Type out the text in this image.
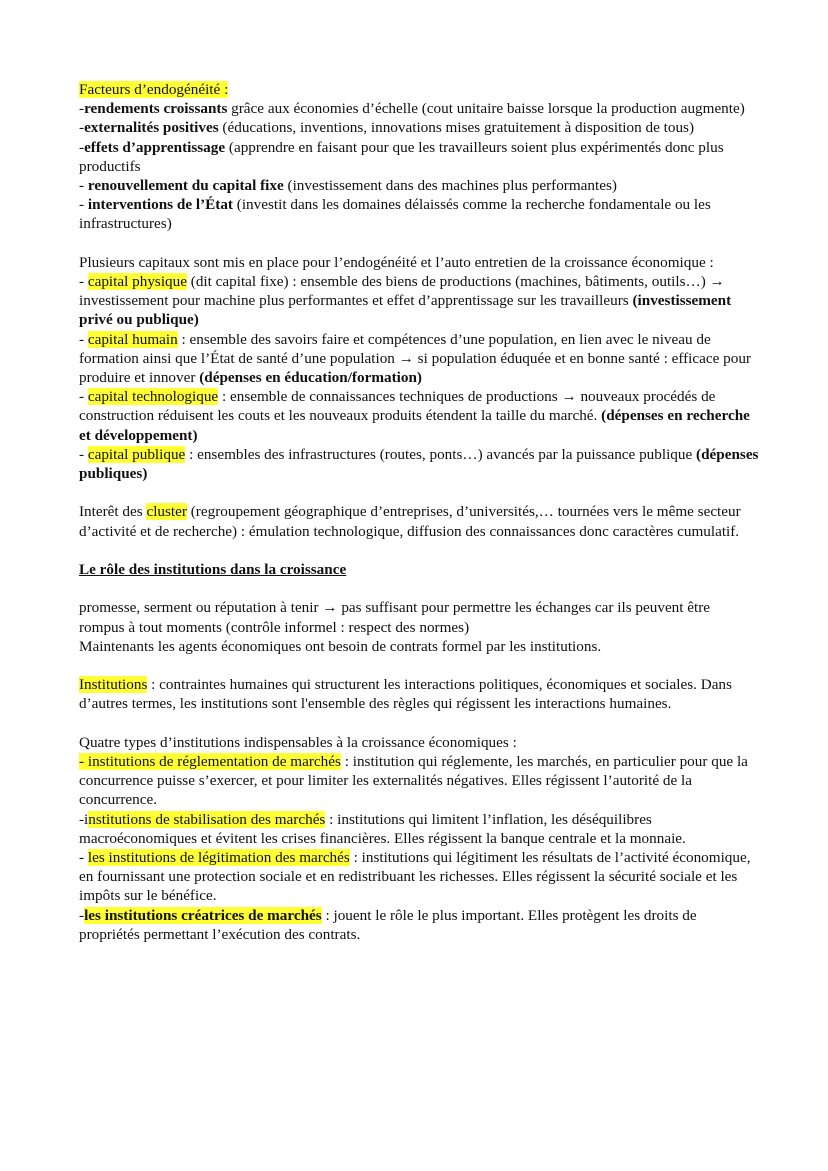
Facteurs d’endogénéité :

-rendements croissants grâce aux économies d’échelle (cout unitaire baisse lorsque la production augmente)

-externalités positives (éducations, inventions, innovations mises gratuitement à disposition de tous)

-effets d’apprentissage (apprendre en faisant pour que les travailleurs soient plus expérimentés donc plus productifs

- renouvellement du capital fixe (investissement dans des machines plus performantes)

- interventions de l’État (investit dans les domaines délaissés comme la recherche fondamentale ou les infrastructures)

Plusieurs capitaux sont mis en place pour l’endogénéité et l’auto entretien de la croissance économique :

- capital physique (dit capital fixe) : ensemble des biens de productions (machines, bâtiments, outils…) → investissement pour machine plus performantes et effet d’apprentissage sur les travailleurs (investissement privé ou publique)

- capital humain : ensemble des savoirs faire et compétences d’une population, en lien avec le niveau de formation ainsi que l’État de santé d’une population → si population éduquée et en bonne santé : efficace pour produire et innover (dépenses en éducation/formation)

- capital technologique : ensemble de connaissances techniques de productions → nouveaux procédés de construction réduisent les couts et les nouveaux produits étendent la taille du marché. (dépenses en recherche et développement)

- capital publique : ensembles des infrastructures (routes, ponts…) avancés par la puissance publique (dépenses publiques)

Interêt des cluster (regroupement géographique d’entreprises, d’universités,… tournées vers le même secteur d’activité et de recherche) : émulation technologique, diffusion des connaissances donc caractères cumulatif.

Le rôle des institutions dans la croissance

promesse, serment ou réputation à tenir → pas suffisant pour permettre les échanges car ils peuvent être rompus à tout moments (contrôle informel : respect des normes)

Maintenants les agents économiques ont besoin de contrats formel par les institutions.

Institutions : contraintes humaines qui structurent les interactions politiques, économiques et sociales. Dans d’autres termes, les institutions sont l'ensemble des règles qui régissent les interactions humaines.

Quatre types d’institutions indispensables à la croissance économiques :

- institutions de réglementation de marchés : institution qui réglemente, les marchés, en particulier pour que la concurrence puisse s’exercer, et pour limiter les externalités négatives. Elles régissent l’autorité de la concurrence.

-institutions de stabilisation des marchés : institutions qui limitent l’inflation, les déséquilibres macroéconomiques et évitent les crises financières. Elles régissent la banque centrale et la monnaie.

- les institutions de légitimation des marchés : institutions qui légitiment les résultats de l’activité économique, en fournissant une protection sociale et en redistribuant les richesses. Elles régissent la sécurité sociale et les impôts sur le bénéfice.

-les institutions créatrices de marchés : jouent le rôle le plus important. Elles protègent les droits de propriétés permettant l’exécution des contrats.
